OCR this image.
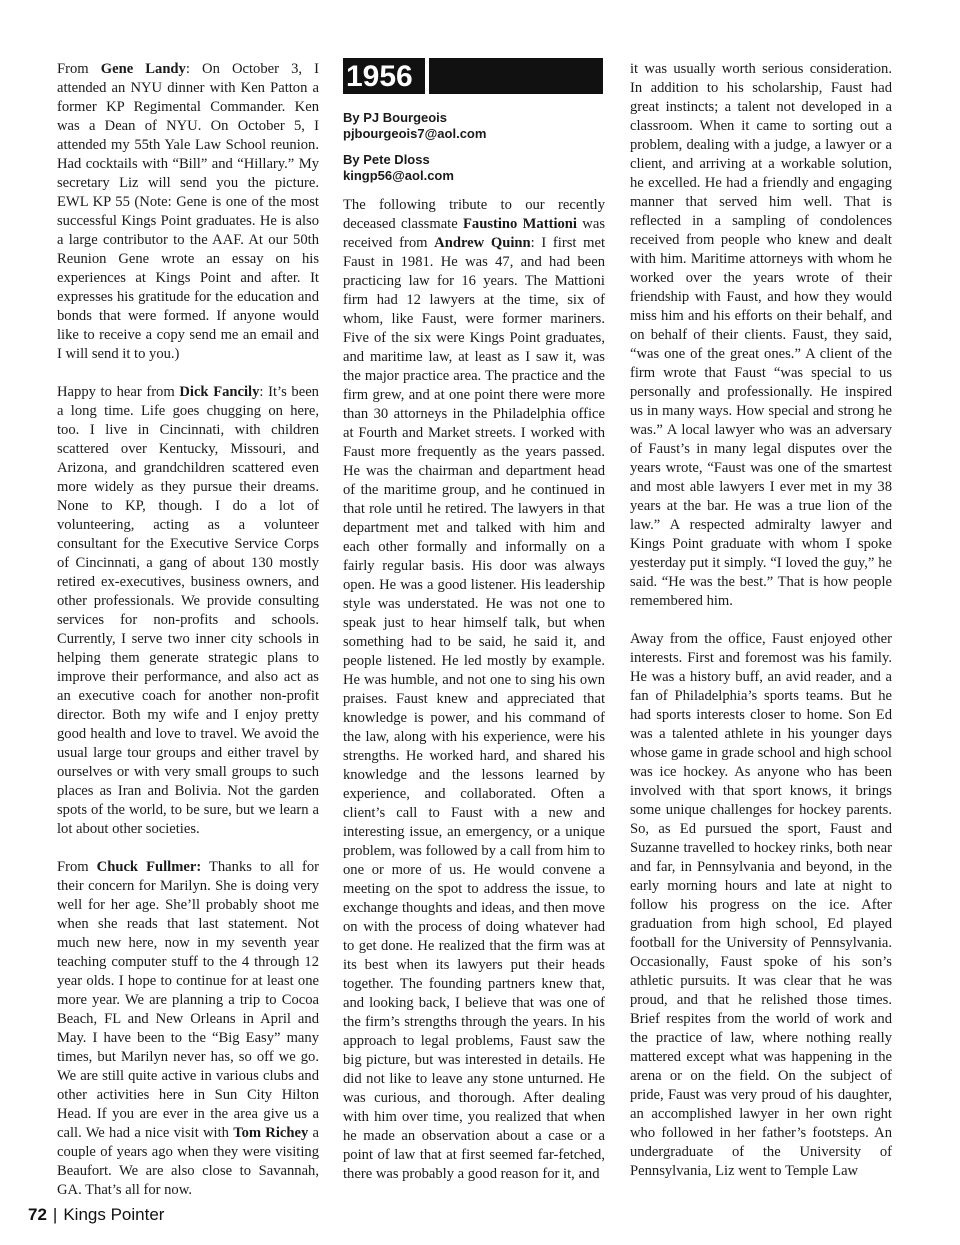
From Gene Landy: On October 3, I attended an NYU dinner with Ken Patton a former KP Regimental Commander. Ken was a Dean of NYU. On October 5, I attended my 55th Yale Law School reunion. Had cocktails with “Bill” and “Hillary.” My secretary Liz will send you the picture. EWL KP 55 (Note: Gene is one of the most successful Kings Point graduates. He is also a large contributor to the AAF. At our 50th Reunion Gene wrote an essay on his experiences at Kings Point and after. It expresses his gratitude for the education and bonds that were formed. If anyone would like to receive a copy send me an email and I will send it to you.)

Happy to hear from Dick Fancily: It’s been a long time. Life goes chugging on here, too. I live in Cincinnati, with children scattered over Kentucky, Missouri, and Arizona, and grandchildren scattered even more widely as they pursue their dreams. None to KP, though. I do a lot of volunteering, acting as a volunteer consultant for the Executive Service Corps of Cincinnati, a gang of about 130 mostly retired ex-executives, business owners, and other professionals. We provide consulting services for non-profits and schools. Currently, I serve two inner city schools in helping them generate strategic plans to improve their performance, and also act as an executive coach for another non-profit director. Both my wife and I enjoy pretty good health and love to travel. We avoid the usual large tour groups and either travel by ourselves or with very small groups to such places as Iran and Bolivia. Not the garden spots of the world, to be sure, but we learn a lot about other societies.

From Chuck Fullmer: Thanks to all for their concern for Marilyn. She is doing very well for her age. She’ll probably shoot me when she reads that last statement. Not much new here, now in my seventh year teaching computer stuff to the 4 through 12 year olds. I hope to continue for at least one more year. We are planning a trip to Cocoa Beach, FL and New Orleans in April and May. I have been to the “Big Easy” many times, but Marilyn never has, so off we go. We are still quite active in various clubs and other activities here in Sun City Hilton Head. If you are ever in the area give us a call. We had a nice visit with Tom Richey a couple of years ago when they were visiting Beaufort. We are also close to Savannah, GA. That’s all for now.

1956
By PJ Bourgeois
pjbourgeois7@aol.com
By Pete Dloss
kingp56@aol.com

The following tribute to our recently deceased classmate Faustino Mattioni was received from Andrew Quinn: I first met Faust in 1981. He was 47, and had been practicing law for 16 years. The Mattioni firm had 12 lawyers at the time, six of whom, like Faust, were former mariners. Five of the six were Kings Point graduates, and maritime law, at least as I saw it, was the major practice area. The practice and the firm grew, and at one point there were more than 30 attorneys in the Philadelphia office at Fourth and Market streets. I worked with Faust more frequently as the years passed. He was the chairman and department head of the maritime group, and he continued in that role until he retired. The lawyers in that department met and talked with him and each other formally and informally on a fairly regular basis. His door was always open. He was a good listener. His leadership style was understated. He was not one to speak just to hear himself talk, but when something had to be said, he said it, and people listened. He led mostly by example. He was humble, and not one to sing his own praises. Faust knew and appreciated that knowledge is power, and his command of the law, along with his experience, were his strengths. He worked hard, and shared his knowledge and the lessons learned by experience, and collaborated. Often a client’s call to Faust with a new and interesting issue, an emergency, or a unique problem, was followed by a call from him to one or more of us. He would convene a meeting on the spot to address the issue, to exchange thoughts and ideas, and then move on with the process of doing whatever had to get done. He realized that the firm was at its best when its lawyers put their heads together. The founding partners knew that, and looking back, I believe that was one of the firm’s strengths through the years. In his approach to legal problems, Faust saw the big picture, but was interested in details. He did not like to leave any stone unturned. He was curious, and thorough. After dealing with him over time, you realized that when he made an observation about a case or a point of law that at first seemed far-fetched, there was probably a good reason for it, and

it was usually worth serious consideration. In addition to his scholarship, Faust had great instincts; a talent not developed in a classroom. When it came to sorting out a problem, dealing with a judge, a lawyer or a client, and arriving at a workable solution, he excelled. He had a friendly and engaging manner that served him well. That is reflected in a sampling of condolences received from people who knew and dealt with him. Maritime attorneys with whom he worked over the years wrote of their friendship with Faust, and how they would miss him and his efforts on their behalf, and on behalf of their clients. Faust, they said, “was one of the great ones.” A client of the firm wrote that Faust “was special to us personally and professionally. He inspired us in many ways. How special and strong he was.” A local lawyer who was an adversary of Faust’s in many legal disputes over the years wrote, “Faust was one of the smartest and most able lawyers I ever met in my 38 years at the bar. He was a true lion of the law.” A respected admiralty lawyer and Kings Point graduate with whom I spoke yesterday put it simply. “I loved the guy,” he said. “He was the best.” That is how people remembered him.

Away from the office, Faust enjoyed other interests. First and foremost was his family. He was a history buff, an avid reader, and a fan of Philadelphia’s sports teams. But he had sports interests closer to home. Son Ed was a talented athlete in his younger days whose game in grade school and high school was ice hockey. As anyone who has been involved with that sport knows, it brings some unique challenges for hockey parents. So, as Ed pursued the sport, Faust and Suzanne travelled to hockey rinks, both near and far, in Pennsylvania and beyond, in the early morning hours and late at night to follow his progress on the ice. After graduation from high school, Ed played football for the University of Pennsylvania. Occasionally, Faust spoke of his son’s athletic pursuits. It was clear that he was proud, and that he relished those times. Brief respites from the world of work and the practice of law, where nothing really mattered except what was happening in the arena or on the field. On the subject of pride, Faust was very proud of his daughter, an accomplished lawyer in her own right who followed in her father’s footsteps. An undergraduate of the University of Pennsylvania, Liz went to Temple Law

72 | Kings Pointer
